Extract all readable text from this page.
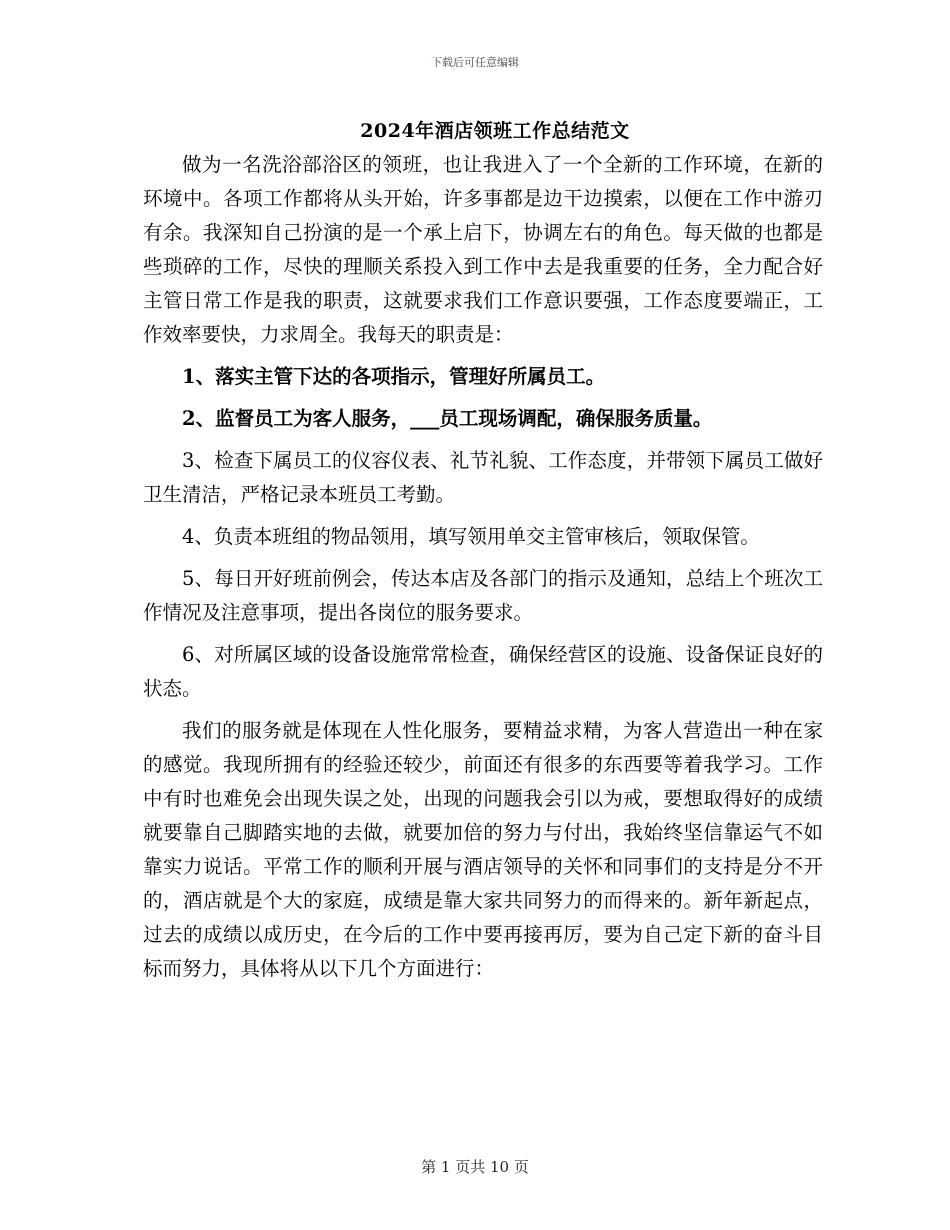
下载后可任意编辑
2024年酒店领班工作总结范文

做为一名洗浴部浴区的领班，也让我进入了一个全新的工作环境，在新的环境中。各项工作都将从头开始，许多事都是边干边摸索，以便在工作中游刃有余。我深知自己扮演的是一个承上启下，协调左右的角色。每天做的也都是些琐碎的工作，尽快的理顺关系投入到工作中去是我重要的任务，全力配合好主管日常工作是我的职责，这就要求我们工作意识要强，工作态度要端正，工作效率要快，力求周全。我每天的职责是：

1、落实主管下达的各项指示，管理好所属员工。

2、监督员工为客人服务，___员工现场调配，确保服务质量。

3、检查下属员工的仪容仪表、礼节礼貌、工作态度，并带领下属员工做好卫生清洁，严格记录本班员工考勤。

4、负责本班组的物品领用，填写领用单交主管审核后，领取保管。

5、每日开好班前例会，传达本店及各部门的指示及通知，总结上个班次工作情况及注意事项，提出各岗位的服务要求。

6、对所属区域的设备设施常常检查，确保经营区的设施、设备保证良好的状态。

我们的服务就是体现在人性化服务，要精益求精，为客人营造出一种在家的感觉。我现所拥有的经验还较少，前面还有很多的东西要等着我学习。工作中有时也难免会出现失误之处，出现的问题我会引以为戒，要想取得好的成绩就要靠自己脚踏实地的去做，就要加倍的努力与付出，我始终坚信靠运气不如靠实力说话。平常工作的顺利开展与酒店领导的关怀和同事们的支持是分不开的，酒店就是个大的家庭，成绩是靠大家共同努力的而得来的。新年新起点，过去的成绩以成历史，在今后的工作中要再接再厉，要为自己定下新的奋斗目标而努力，具体将从以下几个方面进行：

第 1 页共 10 页
